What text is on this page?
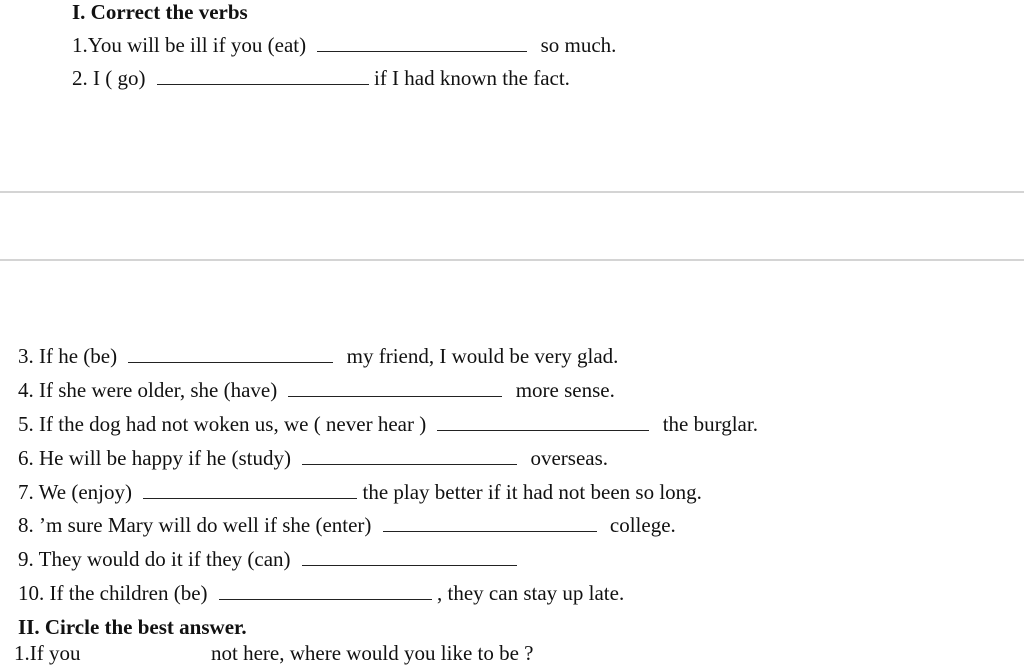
I. Correct the verbs
1.You will be ill if you (eat)	so much.
2. I ( go)	if I had known the fact.
3. If he (be)	my friend, I would be very glad.
4. If she were older, she (have)	more sense.
5. If the dog had not woken us, we ( never hear )	the burglar.
6. He will be happy if he (study)	overseas.
7. We (enjoy)	the play better if it had not been so long.
8. ’m sure Mary will do well if she (enter)	college.
9. They would do it if they (can)
10. If the children (be)	, they can stay up late.
II. Circle the best answer.
1.If you	not here, where would you like to be ?
